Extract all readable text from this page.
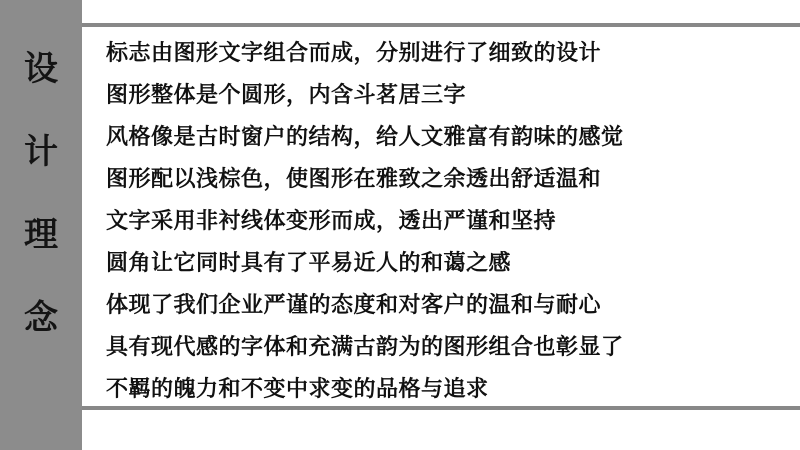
设
计
理
念
标志由图形文字组合而成，分别进行了细致的设计
图形整体是个圆形，内含斗茗居三字
风格像是古时窗户的结构，给人文雅富有韵味的感觉
图形配以浅棕色，使图形在雅致之余透出舒适温和
文字采用非衬线体变形而成，透出严谨和坚持
圆角让它同时具有了平易近人的和蔼之感
体现了我们企业严谨的态度和对客户的温和与耐心
具有现代感的字体和充满古韵为的图形组合也彰显了
不羁的魄力和不变中求变的品格与追求
